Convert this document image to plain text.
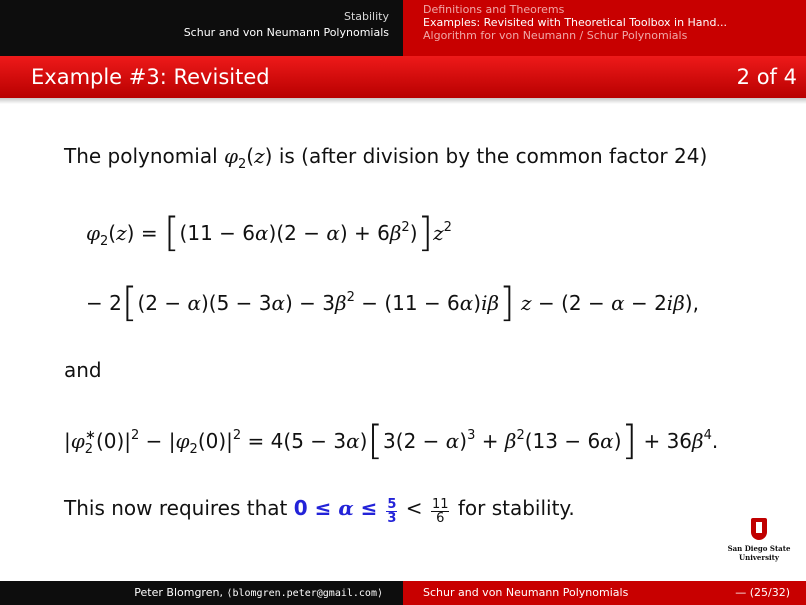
Stability
Schur and von Neumann Polynomials
Definitions and Theorems
Examples: Revisited with Theoretical Toolbox in Hand...
Algorithm for von Neumann / Schur Polynomials
Example #3: Revisited	2 of 4
The polynomial $\varphi_2(z)$ is (after division by the common factor 24)
$\varphi_2(z) = [(11 - 6\alpha)(2 - \alpha) + 6\beta^2)]z^2$
− $2[(2 - \alpha)(5 - 3\alpha) - 3\beta^2 - (11 - 6\alpha)i\beta]$ z − (2 − α − 2iβ),
and
$|\varphi_2^∗(0)|^2 - |\varphi_2(0)|^2 = 4(5 - 3\alpha)[3(2 - \alpha)^3 + \beta^2(13 - 6\alpha)] + 36\beta^4$.
This now requires that $0 \le \alpha \le \frac{5}{3} < \frac{11}{6}$ for stability.
San Diego State
University
Peter Blomgren, ⟨blomgren.peter@gmail.com⟩	Schur and von Neumann Polynomials	— (25/32)
